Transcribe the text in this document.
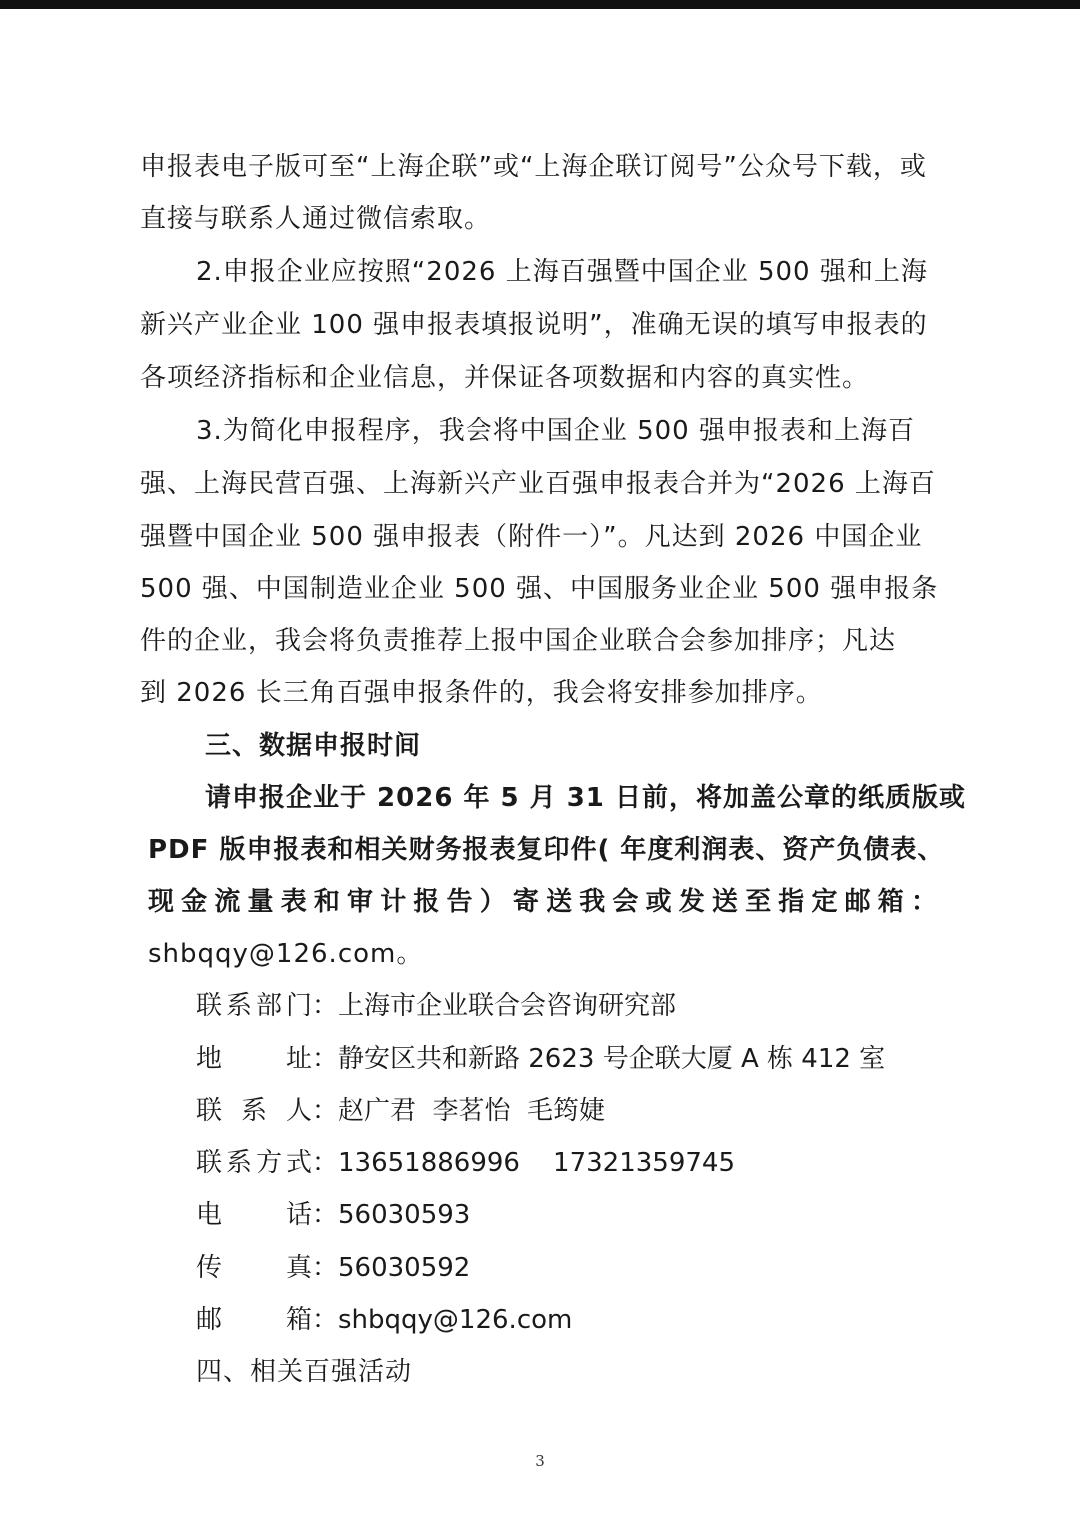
申报表电子版可至“上海企联”或“上海企联订阅号”公众号下载，或
直接与联系人通过微信索取。
2.申报企业应按照“2026 上海百强暨中国企业 500 强和上海
新兴产业企业 100 强申报表填报说明”，准确无误的填写申报表的
各项经济指标和企业信息，并保证各项数据和内容的真实性。
3.为简化申报程序，我会将中国企业 500 强申报表和上海百
强、上海民营百强、上海新兴产业百强申报表合并为“2026 上海百
强暨中国企业 500 强申报表（附件一）”。凡达到 2026 中国企业
500 强、中国制造业企业 500 强、中国服务业企业 500 强申报条
件的企业，我会将负责推荐上报中国企业联合会参加排序；凡达
到 2026 长三角百强申报条件的，我会将安排参加排序。
三、数据申报时间
请申报企业于 2026 年 5 月 31 日前，将加盖公章的纸质版或
PDF 版申报表和相关财务报表复印件( 年度利润表、资产负债表、
现 金 流 量 表 和 审 计 报 告 ） 寄 送 我 会 或 发 送 至 指 定 邮 箱 ：
shbqqy@126.com。
联 系 部 门 ： 上海市企业联合会咨询研究部
地 址 ： 静安区共和新路 2623 号企联大厦 A 栋 412 室
联 系 人 ： 赵广君  李茗怡  毛筠婕
联 系 方 式 ： 13651886996    17321359745
电 话 ： 56030593
传 真 ： 56030592
邮 箱 ： shbqqy@126.com
四、相关百强活动
3
